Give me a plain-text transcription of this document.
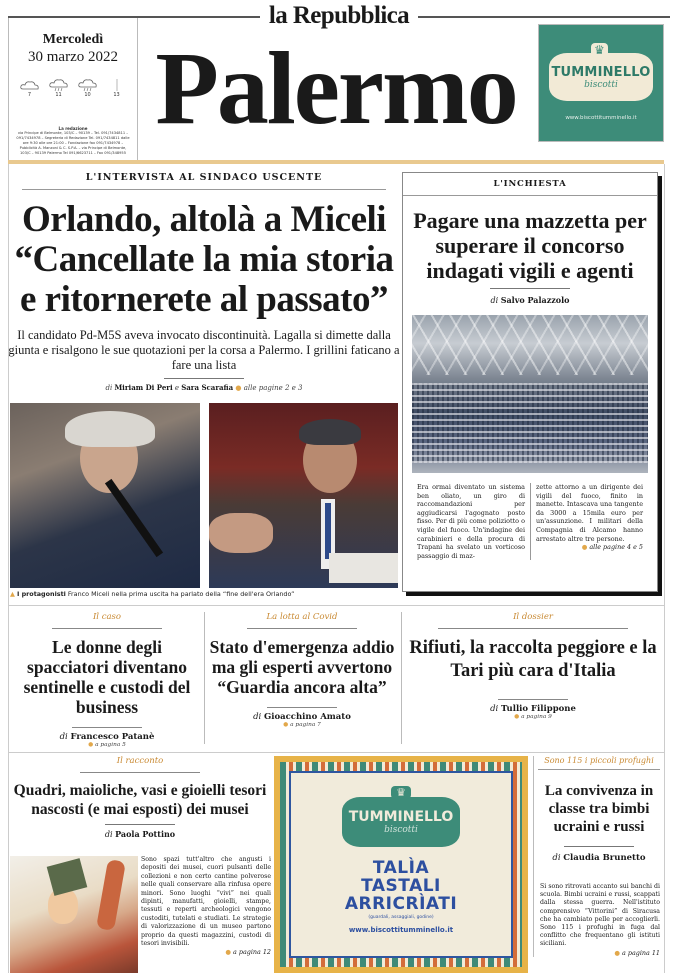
la Repubblica
Palermo
Mercoledì
30 marzo 2022
7	11	10	13
La redazione
via Principe di Belmonte, 103/C – 90139 – Tel. 091/7434811 – 091/7434978 – Segreteria di Redazione Tel. 091/7434811 dalle ore 9:30 alle ore 21:00 – Fondazione fax 091/7434978 – Pubblicità A. Manzoni & C. S.P.A. – via Principe di Belmonte, 103/C – 90139 Palermo Tel 091/6623711 – Fax 091/348955
♛
TUMMINELLO
biscotti
www.biscottitumminello.it
L'INTERVISTA AL SINDACO USCENTE
Orlando, altolà a Miceli
“Cancellate la mia storia
e ritornerete al passato”

Il candidato Pd-M5S aveva invocato discontinuità. Lagalla si dimette dalla giunta e risalgono le sue quotazioni per la corsa a Palermo. I grillini faticano a fare una lista

di Miriam Di Peri e Sara Scarafia ● alle pagine 2 e 3

▲ I protagonisti Franco Miceli nella prima uscita ha parlato della “fine dell'era Orlando”

L'INCHIESTA
Pagare una mazzetta per superare il concorso indagati vigili e agenti

di Salvo Palazzolo

Era ormai diventato un sistema ben oliato, un giro di raccomandazioni per aggiudicarsi l'agognato posto fisso. Per di più come poliziotto o vigile del fuoco. Un'indagine dei carabinieri e della procura di Trapani ha svelato un vorticoso passaggio di maz-

zette attorno a un dirigente dei vigili del fuoco, finito in manette. Intascava una tangente da 3000 a 15mila euro per un'assunzione. I militari della Compagnia di Alcamo hanno arrestato altre tre persone.

● alle pagine 4 e 5

Il caso
Le donne degli spacciatori diventano sentinelle e custodi del business
di Francesco Patanè
● a pagina 5
La lotta al Covid
Stato d'emergenza addio ma gli esperti avvertono “Guardia ancora alta”
di Gioacchino Amato
● a pagina 7
Il dossier
Rifiuti, la raccolta peggiore e la Tari più cara d'Italia
di Tullio Filippone
● a pagina 9
Il racconto
Quadri, maioliche, vasi e gioielli tesori nascosti (e mai esposti) dei musei
di Paola Pottino
Sono spazi tutt'altro che angusti i depositi dei musei, cuori pulsanti delle collezioni e non certo cantine polverose nelle quali conservare alla rinfusa opere minori. Sono luoghi “vivi” nei quali dipinti, manufatti, gioielli, stampe, tessuti e reperti archeologici vengono custoditi, tutelati e studiati. Le strategie di valorizzazione di un museo partono proprio da questi magazzini, custodi di tesori invisibili.
● a pagina 12
♛
TUMMINELLO
biscotti
TALÌA
TASTALI
ARRICRÌATI
(guardali, assaggiali, godine)
www.biscottitumminello.it
Sono 115 i piccoli profughi
La convivenza in classe tra bimbi ucraini e russi
di Claudia Brunetto

Si sono ritrovati accanto sui banchi di scuola. Bimbi ucraini e russi, scappati dalla stessa guerra. Nell'istituto comprensivo “Vittorini” di Siracusa che ha cambiato pelle per accoglierli. Sono 115 i profughi in fuga dal conflitto che frequentano gli istituti siciliani.
● a pagina 11
